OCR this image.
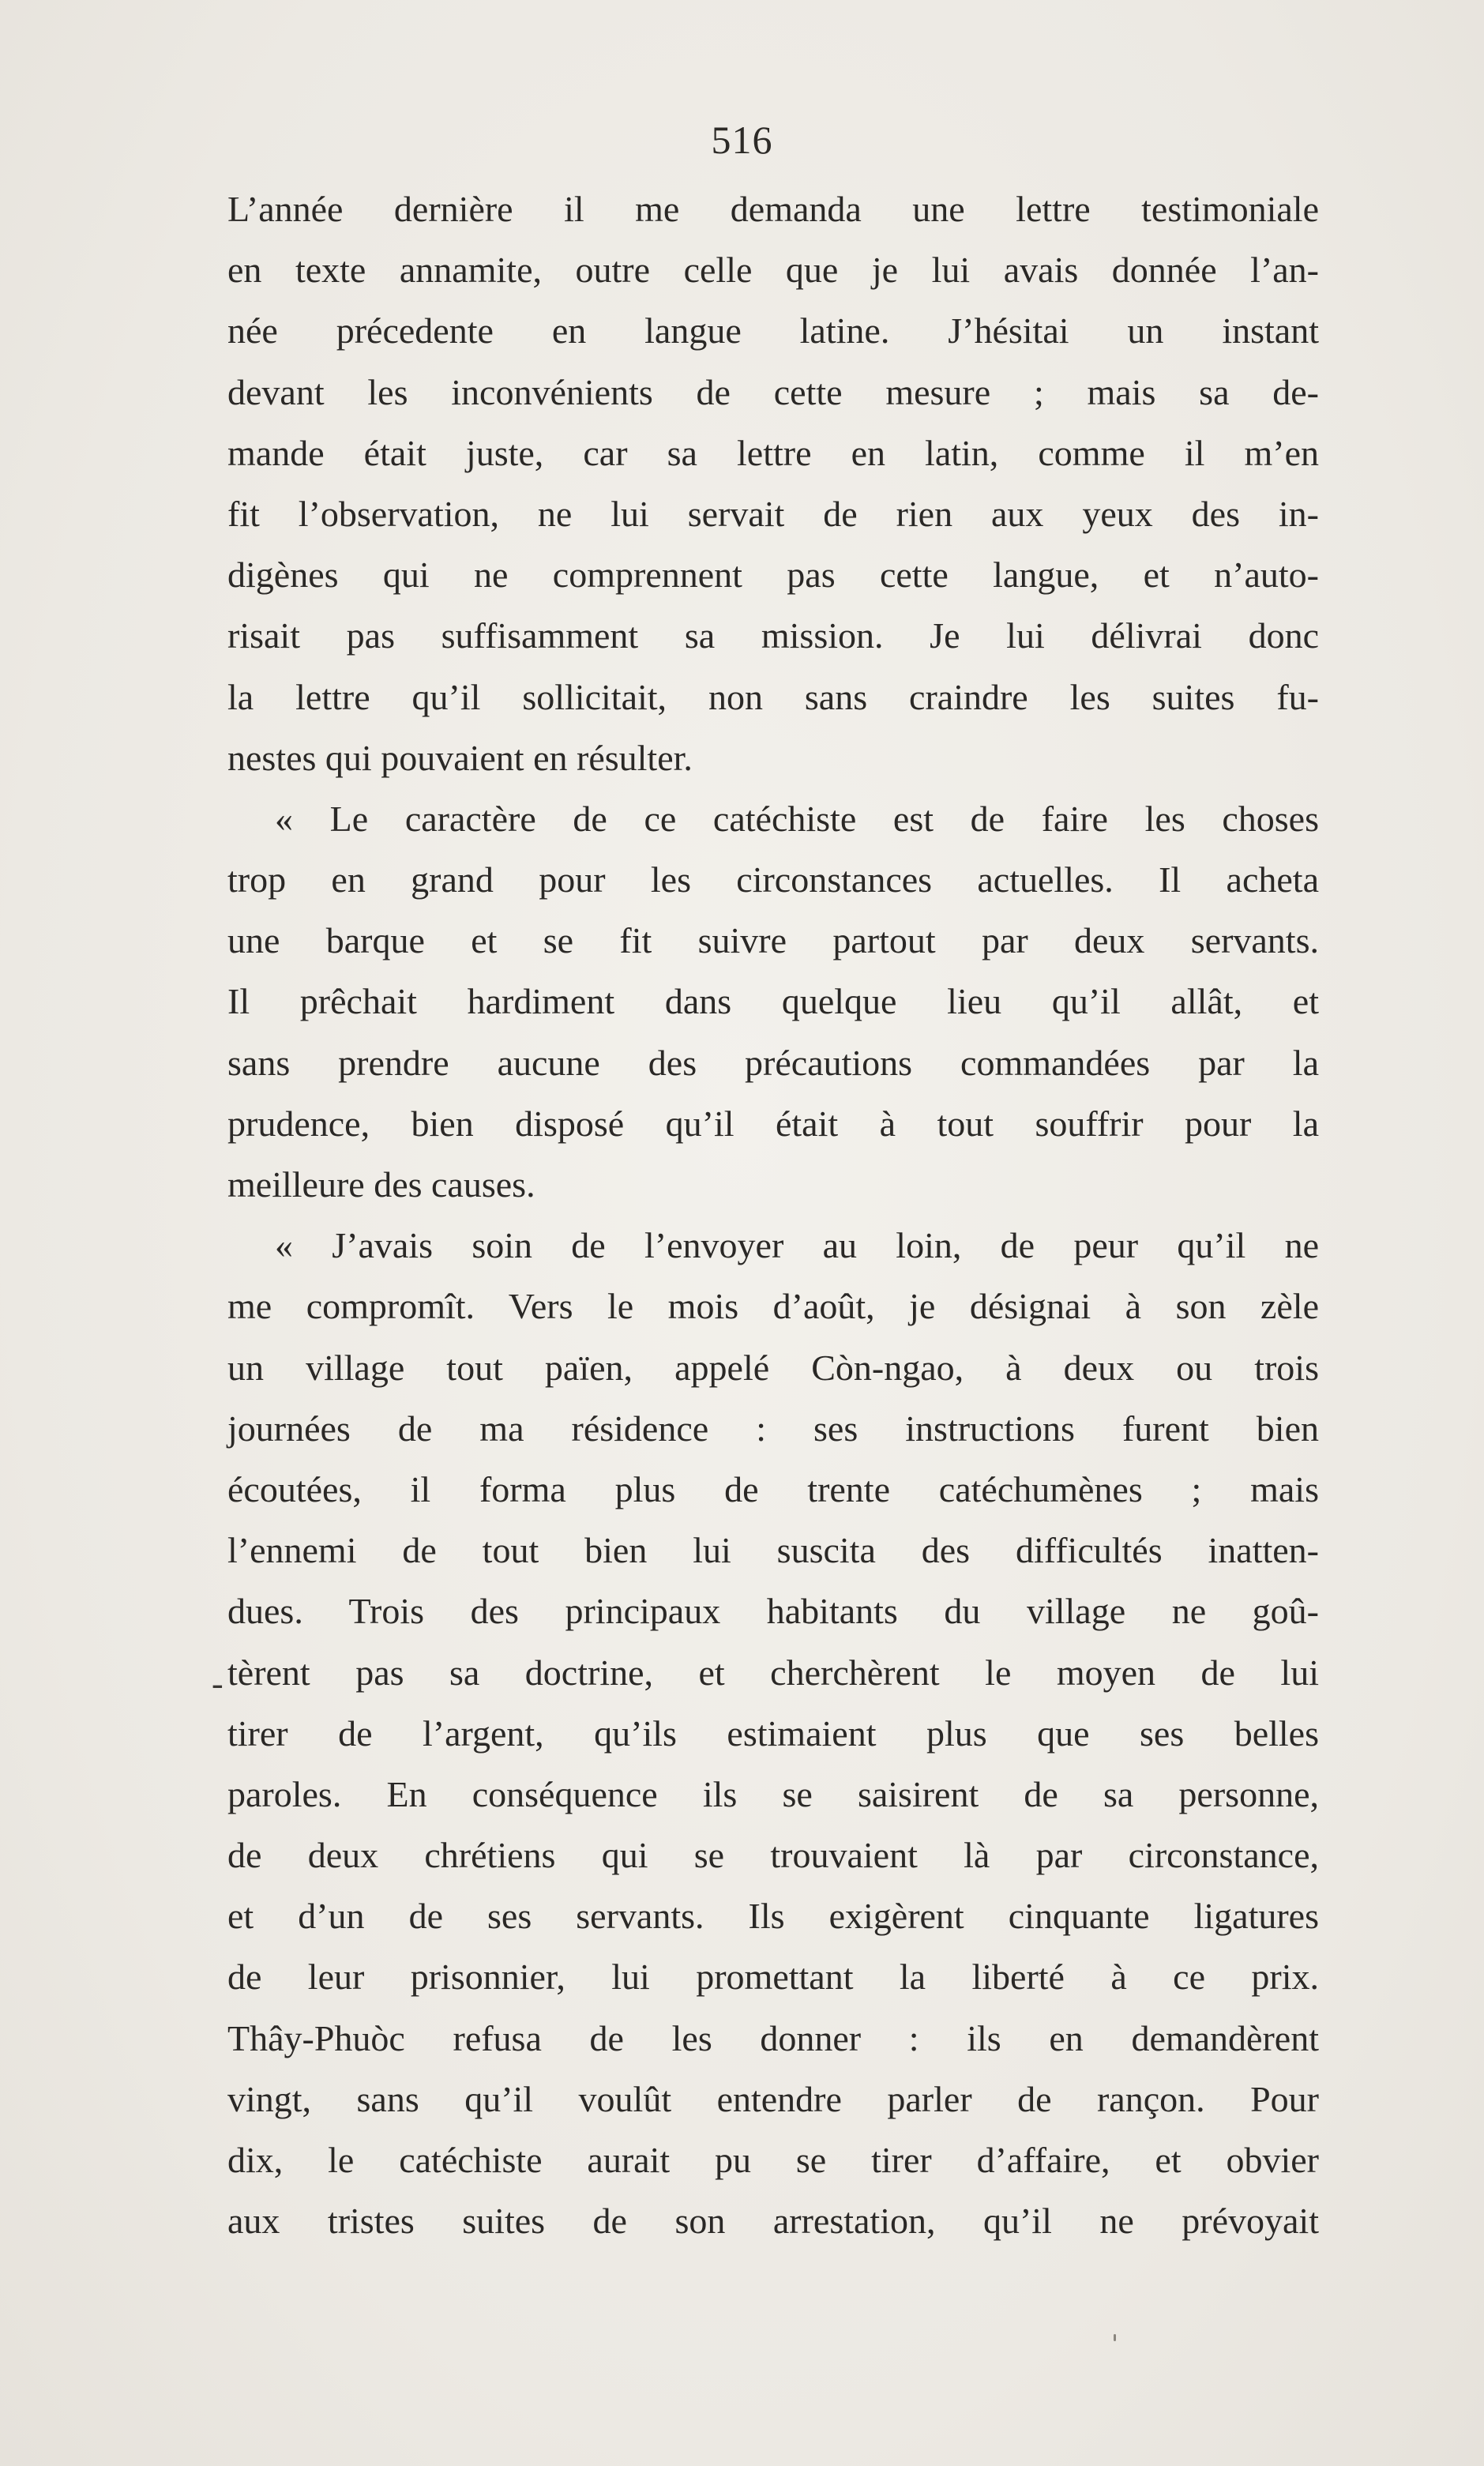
516
-
L’année dernière il me demanda une lettre testimoniale
en texte annamite, outre celle que je lui avais donnée l’an-
née précedente en langue latine. J’hésitai un instant
devant les inconvénients de cette mesure ; mais sa de-
mande était juste, car sa lettre en latin, comme il m’en
fit l’observation, ne lui servait de rien aux yeux des in-
digènes qui ne comprennent pas cette langue, et n’auto-
risait pas suffisamment sa mission. Je lui délivrai donc
la lettre qu’il sollicitait, non sans craindre les suites fu-
nestes qui pouvaient en résulter.
« Le caractère de ce catéchiste est de faire les choses
trop en grand pour les circonstances actuelles. Il acheta
une barque et se fit suivre partout par deux servants.
Il prêchait hardiment dans quelque lieu qu’il allât, et
sans prendre aucune des précautions commandées par la
prudence, bien disposé qu’il était à tout souffrir pour la
meilleure des causes.
« J’avais soin de l’envoyer au loin, de peur qu’il ne
me compromît. Vers le mois d’août, je désignai à son zèle
un village tout païen, appelé Còn-ngao, à deux ou trois
journées de ma résidence : ses instructions furent bien
écoutées, il forma plus de trente catéchumènes ; mais
l’ennemi de tout bien lui suscita des difficultés inatten-
dues. Trois des principaux habitants du village ne goû-
tèrent pas sa doctrine, et cherchèrent le moyen de lui
tirer de l’argent, qu’ils estimaient plus que ses belles
paroles. En conséquence ils se saisirent de sa personne,
de deux chrétiens qui se trouvaient là par circonstance,
et d’un de ses servants. Ils exigèrent cinquante ligatures
de leur prisonnier, lui promettant la liberté à ce prix.
Thây-Phuòc refusa de les donner : ils en demandèrent
vingt, sans qu’il voulût entendre parler de rançon. Pour
dix, le catéchiste aurait pu se tirer d’affaire, et obvier
aux tristes suites de son arrestation, qu’il ne prévoyait
